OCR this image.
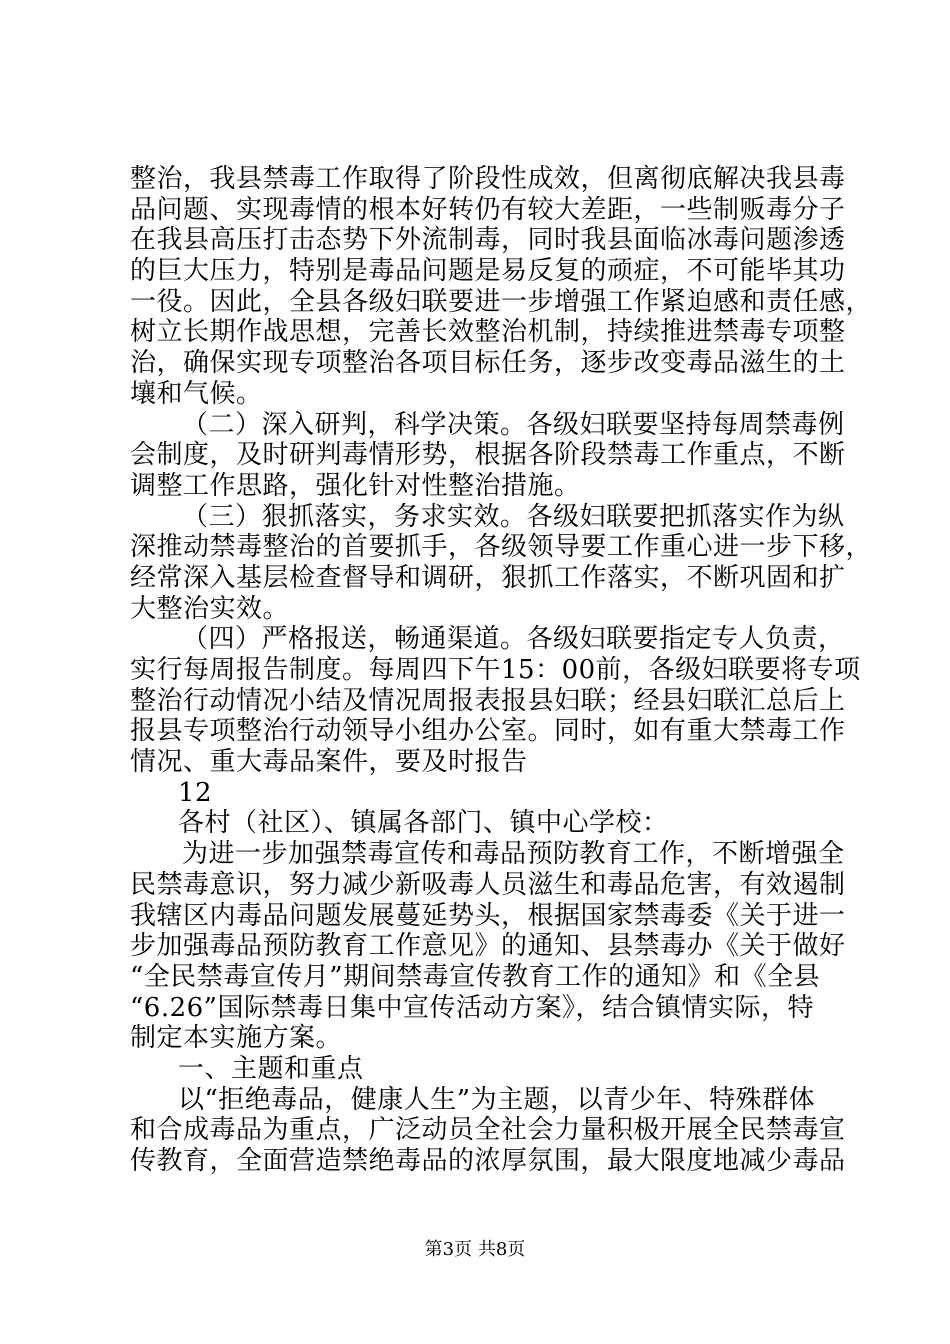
整治，我县禁毒工作取得了阶段性成效，但离彻底解决我县毒
品问题、实现毒情的根本好转仍有较大差距，一些制贩毒分子
在我县高压打击态势下外流制毒，同时我县面临冰毒问题渗透
的巨大压力，特别是毒品问题是易反复的顽症，不可能毕其功
一役。因此，全县各级妇联要进一步增强工作紧迫感和责任感，
树立长期作战思想，完善长效整治机制，持续推进禁毒专项整
治，确保实现专项整治各项目标任务，逐步改变毒品滋生的土
壤和气候。
（二）深入研判，科学决策。各级妇联要坚持每周禁毒例
会制度，及时研判毒情形势，根据各阶段禁毒工作重点，不断
调整工作思路，强化针对性整治措施。
（三）狠抓落实，务求实效。各级妇联要把抓落实作为纵
深推动禁毒整治的首要抓手，各级领导要工作重心进一步下移，
经常深入基层检查督导和调研，狠抓工作落实，不断巩固和扩
大整治实效。
（四）严格报送，畅通渠道。各级妇联要指定专人负责，
实行每周报告制度。每周四下午15：00前，各级妇联要将专项
整治行动情况小结及情况周报表报县妇联；经县妇联汇总后上
报县专项整治行动领导小组办公室。同时，如有重大禁毒工作
情况、重大毒品案件，要及时报告
12
各村（社区）、镇属各部门、镇中心学校：
为进一步加强禁毒宣传和毒品预防教育工作，不断增强全
民禁毒意识，努力减少新吸毒人员滋生和毒品危害，有效遏制
我辖区内毒品问题发展蔓延势头，根据国家禁毒委《关于进一
步加强毒品预防教育工作意见》的通知、县禁毒办《关于做好
“全民禁毒宣传月”期间禁毒宣传教育工作的通知》和《全县
“6.26”国际禁毒日集中宣传活动方案》，结合镇情实际，特
制定本实施方案。
一、主题和重点
以“拒绝毒品，健康人生”为主题，以青少年、特殊群体
和合成毒品为重点，广泛动员全社会力量积极开展全民禁毒宣
传教育，全面营造禁绝毒品的浓厚氛围，最大限度地减少毒品
第3页 共8页
